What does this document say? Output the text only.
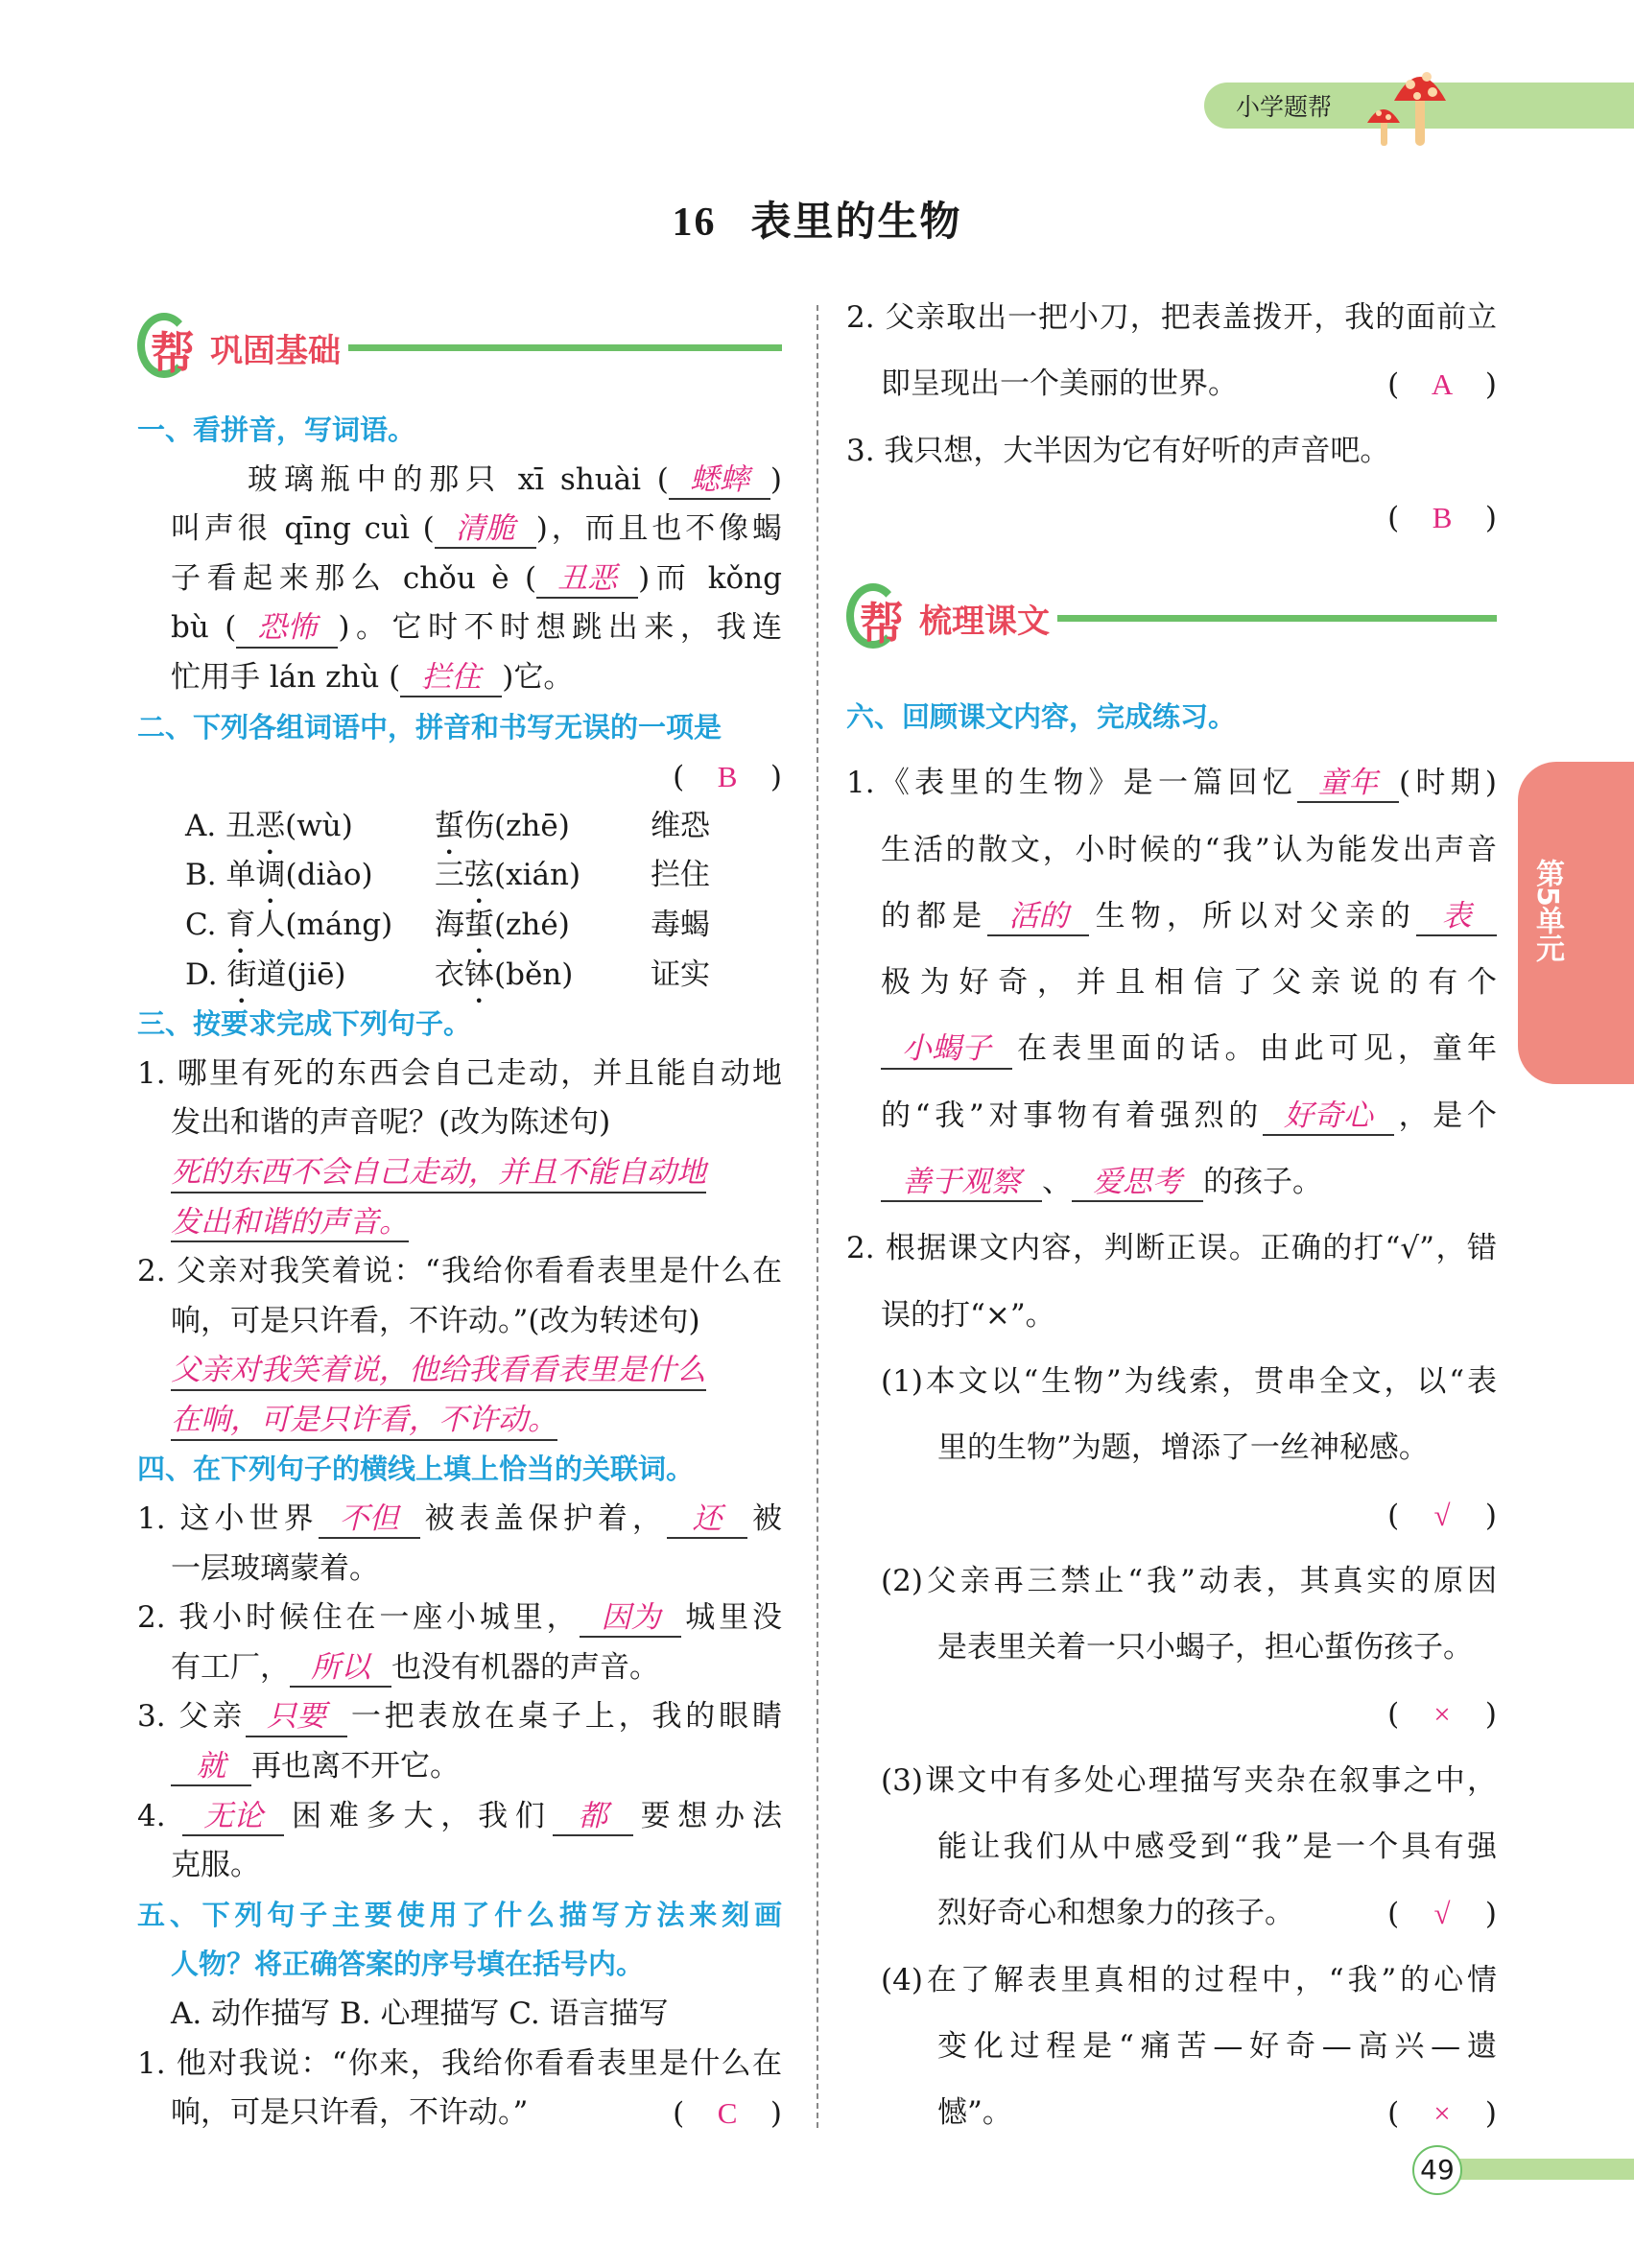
小学题帮
16 表里的生物
帮 巩固基础
帮 梳理课文
一、看拼音，写词语。
玻璃瓶中的那只 xī shuài ( 蟋蟀 )
叫声很 qīng cuì ( 清脆 )，而且也不像蝎
子看起来那么 chǒu è ( 丑恶 )而 kǒng
bù ( 恐怖 )。它时不时想跳出来，我连
忙用手 lán zhù ( 拦住 )它。
二、下列各组词语中，拼音和书写无误的一项是
( B )
A. 丑恶(wù)	蜇伤(zhē)	维恐
B. 单调(diào)	三弦(xián)	拦住
C. 育人(máng)	海蜇(zhé)	毒蝎
D. 街道(jiē)	衣钵(běn)	证实
三、按要求完成下列句子。
1. 哪里有死的东西会自己走动，并且能自动地
发出和谐的声音呢？(改为陈述句)
死的东西不会自己走动，并且不能自动地
发出和谐的声音。
2. 父亲对我笑着说：“我给你看看表里是什么在
响，可是只许看，不许动。”(改为转述句)
父亲对我笑着说，他给我看看表里是什么
在响，可是只许看，不许动。
四、在下列句子的横线上填上恰当的关联词。
1. 这小世界 不但 被表盖保护着， 还 被
一层玻璃蒙着。
2. 我小时候住在一座小城里， 因为 城里没
有工厂， 所以 也没有机器的声音。
3. 父亲 只要 一把表放在桌子上，我的眼睛
就 再也离不开它。
4. 无论 困难多大，我们 都 要想办法
克服。
五、下列句子主要使用了什么描写方法来刻画
人物？将正确答案的序号填在括号内。
A. 动作描写 B. 心理描写 C. 语言描写
1. 他对我说：“你来，我给你看看表里是什么在
响，可是只许看，不许动。”	( C )
2. 父亲取出一把小刀，把表盖拨开，我的面前立
即呈现出一个美丽的世界。	( A )
3. 我只想，大半因为它有好听的声音吧。
( B )
六、回顾课文内容，完成练习。
1.《表里的生物》是一篇回忆 童年 (时期)
生活的散文，小时候的“我”认为能发出声音
的都是 活的 生物，所以对父亲的 表
极为好奇，并且相信了父亲说的有个
小蝎子 在表里面的话。由此可见，童年
的“我”对事物有着强烈的 好奇心 ，是个
善于观察 、 爱思考 的孩子。
2. 根据课文内容，判断正误。正确的打“√”，错
误的打“×”。
(1)本文以“生物”为线索，贯串全文，以“表
里的生物”为题，增添了一丝神秘感。
( √ )
(2)父亲再三禁止“我”动表，其真实的原因
是表里关着一只小蝎子，担心蜇伤孩子。
( × )
(3)课文中有多处心理描写夹杂在叙事之中，
能让我们从中感受到“我”是一个具有强
烈好奇心和想象力的孩子。	( √ )
(4)在了解表里真相的过程中，“我”的心情
变化过程是“痛苦—好奇—高兴—遗
憾”。	( × )
第5单元
49
